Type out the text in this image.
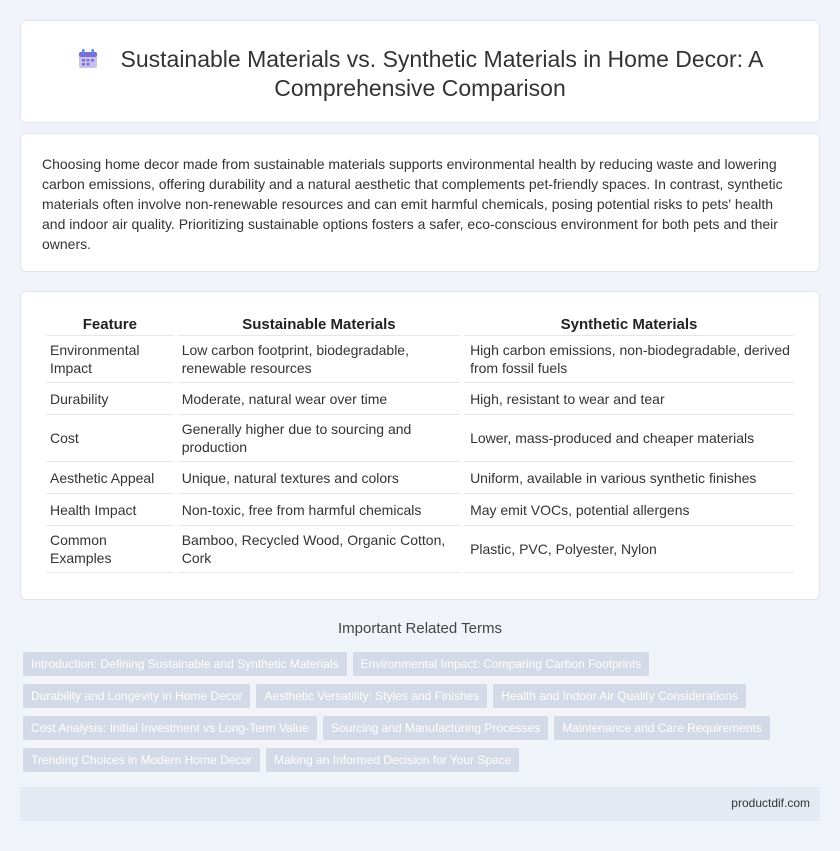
Sustainable Materials vs. Synthetic Materials in Home Decor: A Comprehensive Comparison

Choosing home decor made from sustainable materials supports environmental health by reducing waste and lowering carbon emissions, offering durability and a natural aesthetic that complements pet-friendly spaces. In contrast, synthetic materials often involve non-renewable resources and can emit harmful chemicals, posing potential risks to pets' health and indoor air quality. Prioritizing sustainable options fosters a safer, eco-conscious environment for both pets and their owners.

Feature	Sustainable Materials	Synthetic Materials
Environmental Impact	Low carbon footprint, biodegradable, renewable resources	High carbon emissions, non-biodegradable, derived from fossil fuels
Durability	Moderate, natural wear over time	High, resistant to wear and tear
Cost	Generally higher due to sourcing and production	Lower, mass-produced and cheaper materials
Aesthetic Appeal	Unique, natural textures and colors	Uniform, available in various synthetic finishes
Health Impact	Non-toxic, free from harmful chemicals	May emit VOCs, potential allergens
Common Examples	Bamboo, Recycled Wood, Organic Cotton, Cork	Plastic, PVC, Polyester, Nylon
Important Related Terms
Introduction: Defining Sustainable and Synthetic Materials	Environmental Impact: Comparing Carbon Footprints
Durability and Longevity in Home Decor	Aesthetic Versatility: Styles and Finishes	Health and Indoor Air Quality Considerations
Cost Analysis: Initial Investment vs Long-Term Value	Sourcing and Manufacturing Processes	Maintenance and Care Requirements
Trending Choices in Modern Home Decor	Making an Informed Decision for Your Space
productdif.com
